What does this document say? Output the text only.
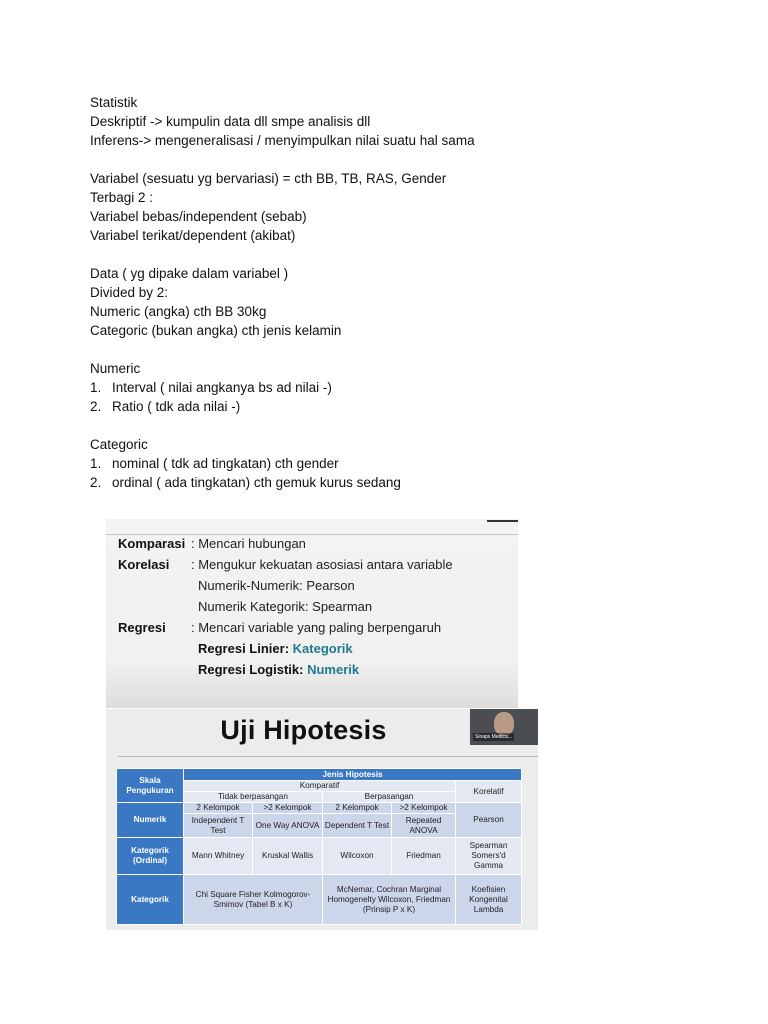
Statistik
Deskriptif -> kumpulin data dll smpe analisis dll
Inferens-> mengeneralisasi / menyimpulkan nilai suatu hal sama
Variabel (sesuatu yg bervariasi) = cth BB, TB, RAS, Gender
Terbagi 2 :
Variabel bebas/independent (sebab)
Variabel terikat/dependent (akibat)
Data ( yg dipake dalam variabel )
Divided by 2:
Numeric (angka) cth BB 30kg
Categoric (bukan angka) cth jenis kelamin
Numeric
1. Interval ( nilai angkanya bs ad nilai -)
2. Ratio ( tdk ada nilai -)
Categoric
1. nominal ( tdk ad tingkatan) cth gender
2. ordinal ( ada tingkatan) cth gemuk kurus sedang
Komparasi : Mencari hubungan
Korelasi : Mengukur kekuatan asosiasi antara variable
Numerik-Numerik: Pearson
Numerik Kategorik: Spearman
Regresi : Mencari variable yang paling berpengaruh
Regresi Linier: Kategorik
Regresi Logistik: Numerik
Uji Hipotesis	Sinaps Medica...
Skala Pengukuran	Jenis Hipotesis				
	Komparatif				Korelatif
	Tidak berpasangan		Berpasangan		
Numerik	2 Kelompok	>2 Kelompok	2 Kelompok	>2 Kelompok	Pearson
	Independent T Test	One Way ANOVA	Dependent T Test	Repeated ANOVA	
Kategorik (Ordinal)	Mann Whitney	Kruskal Wallis	Wilcoxon	Friedman	Spearman Somers'd Gamma
Kategorik	Chi Square Fisher Kolmogorov-Smimov (Tabel B x K)		McNemar, Cochran Marginal Homogenelty Wilcoxon, Friedman (Prinsip P x K)		Koefisien Kongenital Lambda
